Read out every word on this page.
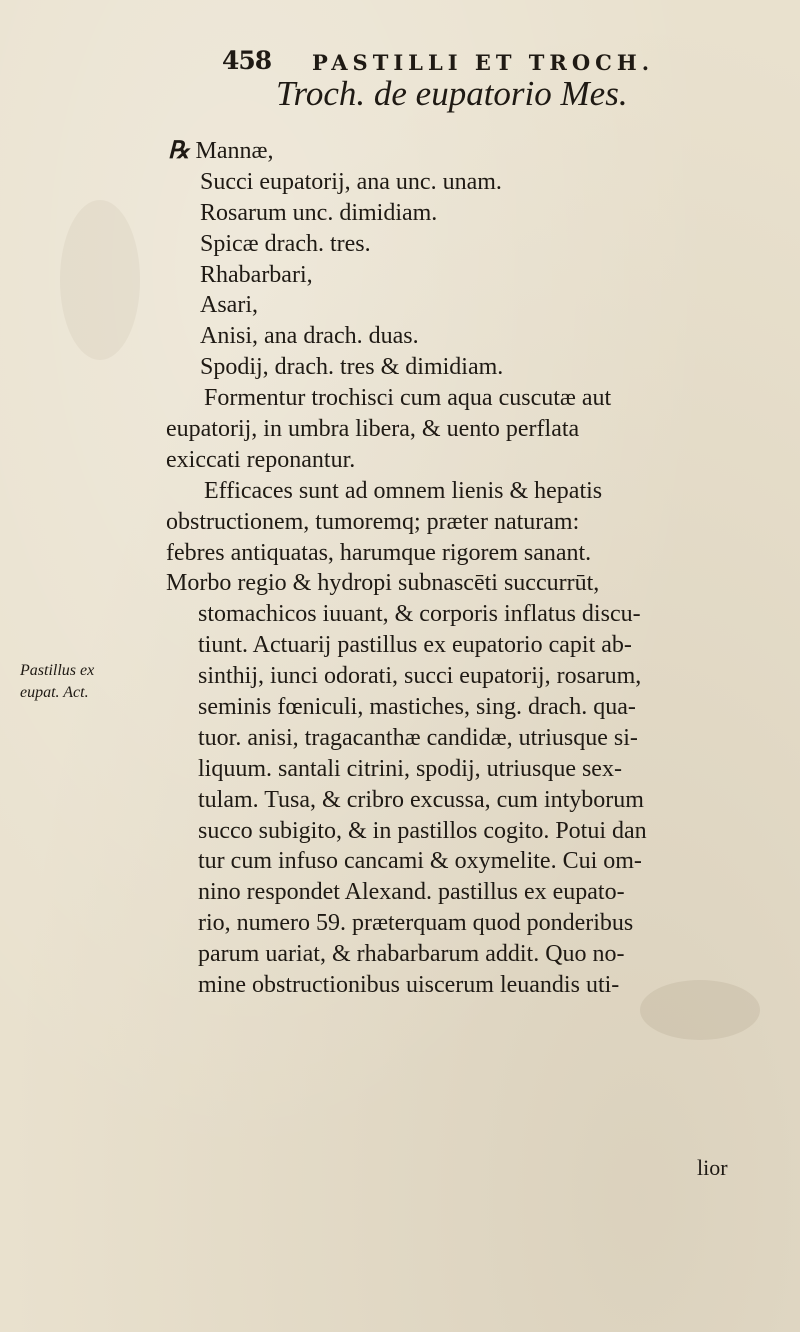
458 PASTILLI ET TROCH.
Troch. de eupatorio Mes.
℞ Mannæ,
Succi eupatorij, ana unc. unam.
Rosarum unc. dimidiam.
Spicæ drach. tres.
Rhabarbari,
Asari,
Anisi, ana drach. duas.
Spodij, drach. tres & dimidiam.
Formentur trochisci cum aqua cuscutæ aut
eupatorij, in umbra libera, & uento perflata
exiccati reponantur.
Efficaces sunt ad omnem lienis & hepatis
obstructionem, tumoremq; præter naturam:
febres antiquatas, harumque rigorem sanant.
Morbo regio & hydropi subnascēti succurrūt,
stomachicos iuuant, & corporis inflatus discu-
tiunt. Actuarij pastillus ex eupatorio capit ab-
sinthij, iunci odorati, succi eupatorij, rosarum,
seminis fœniculi, mastiches, sing. drach. qua-
tuor. anisi, tragacanthæ candidæ, utriusque si-
liquum. santali citrini, spodij, utriusque sex-
tulam. Tusa, & cribro excussa, cum intyborum
succo subigito, & in pastillos cogito. Potui dan
tur cum infuso cancami & oxymelite. Cui om-
nino respondet Alexand. pastillus ex eupato-
rio, numero 59. præterquam quod ponderibus
parum uariat, & rhabarbarum addit. Quo no-
mine obstructionibus uiscerum leuandis uti-
Pastillus ex
eupat. Act.
lior
